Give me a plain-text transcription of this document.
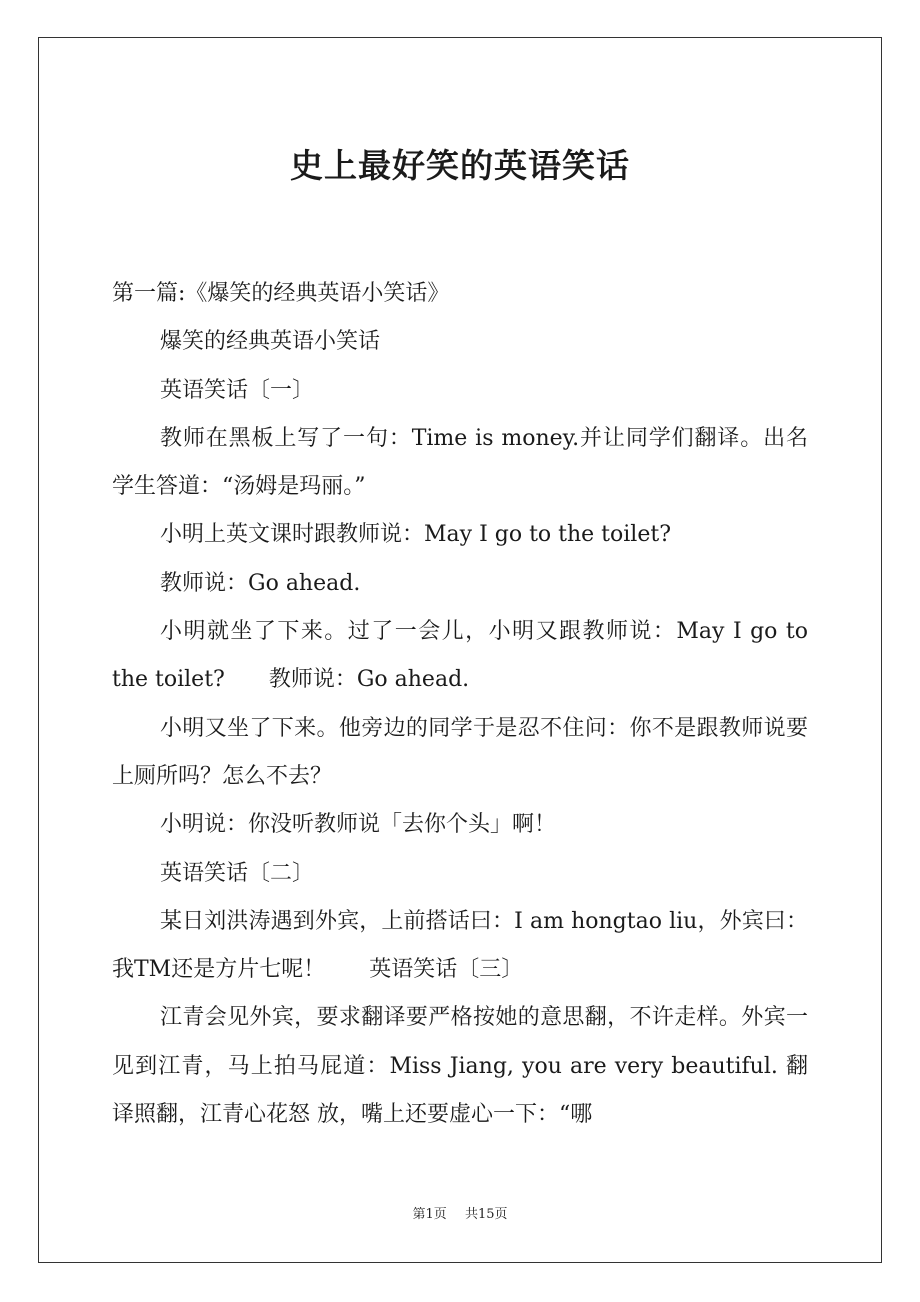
史上最好笑的英语笑话

第一篇:《爆笑的经典英语小笑话》

爆笑的经典英语小笑话

英语笑话〔一〕

教师在黑板上写了一句：Time is money.并让同学们翻译。出名学生答道：“汤姆是玛丽。”

小明上英文课时跟教师说：May I go to the toilet?

教师说：Go ahead.

小明就坐了下来。过了一会儿，小明又跟教师说：May I go to the toilet?　　教师说：Go ahead.

小明又坐了下来。他旁边的同学于是忍不住问：你不是跟教师说要上厕所吗？怎么不去？

小明说：你没听教师说「去你个头」啊！

英语笑话〔二〕

某日刘洪涛遇到外宾，上前搭话曰：I am hongtao liu，外宾曰：我TM还是方片七呢！　　英语笑话〔三〕

江青会见外宾，要求翻译要严格按她的意思翻，不许走样。外宾一见到江青，马上拍马屁道：Miss Jiang, you are very beautiful. 翻译照翻，江青心花怒 放，嘴上还要虚心一下：“哪

第1页 共15页
